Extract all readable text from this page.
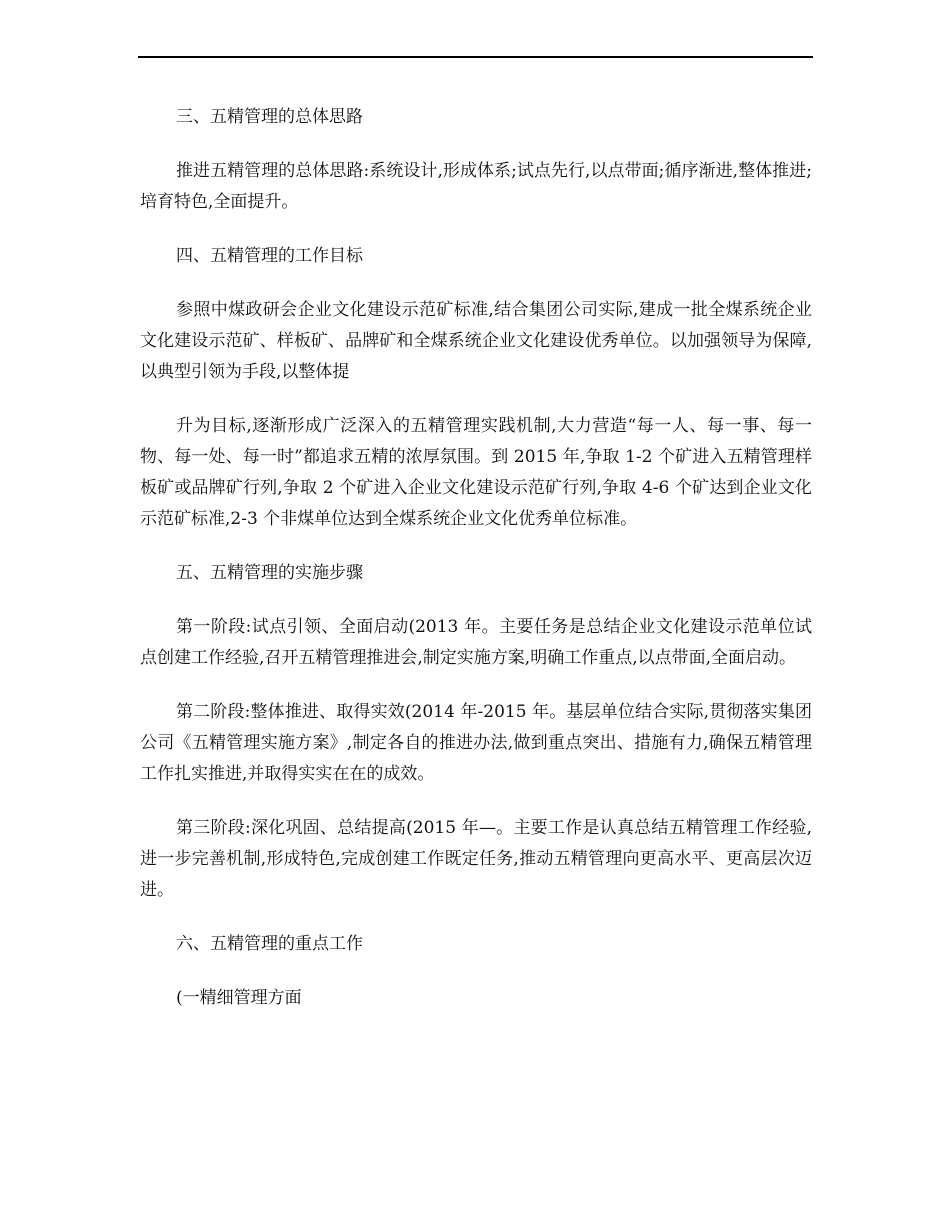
三、五精管理的总体思路

推进五精管理的总体思路:系统设计,形成体系;试点先行,以点带面;循序渐进,整体推进;培育特色,全面提升。

四、五精管理的工作目标

参照中煤政研会企业文化建设示范矿标准,结合集团公司实际,建成一批全煤系统企业文化建设示范矿、样板矿、品牌矿和全煤系统企业文化建设优秀单位。以加强领导为保障,以典型引领为手段,以整体提

升为目标,逐渐形成广泛深入的五精管理实践机制,大力营造“每一人、每一事、每一物、每一处、每一时”都追求五精的浓厚氛围。到 2015 年,争取 1-2 个矿进入五精管理样板矿或品牌矿行列,争取 2 个矿进入企业文化建设示范矿行列,争取 4-6 个矿达到企业文化示范矿标准,2-3 个非煤单位达到全煤系统企业文化优秀单位标准。

五、五精管理的实施步骤

第一阶段:试点引领、全面启动(2013 年。主要任务是总结企业文化建设示范单位试点创建工作经验,召开五精管理推进会,制定实施方案,明确工作重点,以点带面,全面启动。

第二阶段:整体推进、取得实效(2014 年-2015 年。基层单位结合实际,贯彻落实集团公司《五精管理实施方案》,制定各自的推进办法,做到重点突出、措施有力,确保五精管理工作扎实推进,并取得实实在在的成效。

第三阶段:深化巩固、总结提高(2015 年—。主要工作是认真总结五精管理工作经验,进一步完善机制,形成特色,完成创建工作既定任务,推动五精管理向更高水平、更高层次迈进。

六、五精管理的重点工作

(一精细管理方面
